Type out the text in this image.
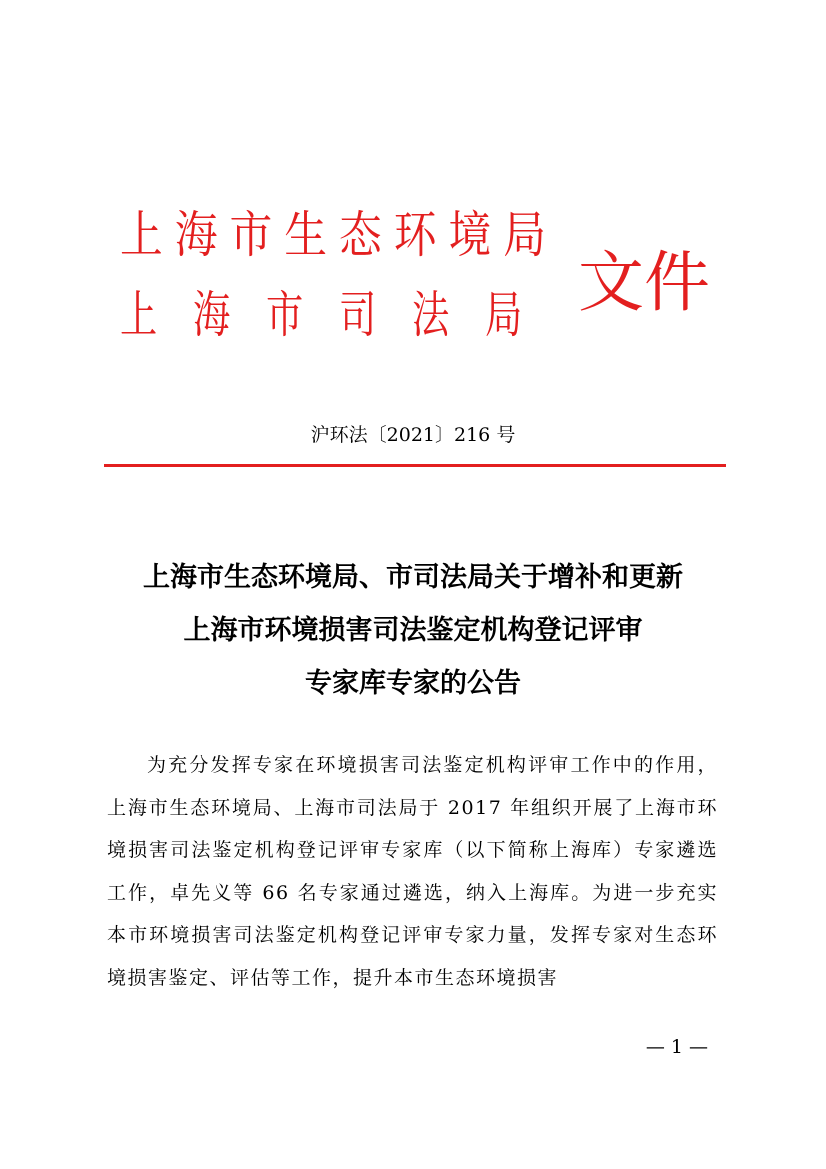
上海市生态环境局
上海市司法局 文件
沪环法〔2021〕216 号
上海市生态环境局、市司法局关于增补和更新
上海市环境损害司法鉴定机构登记评审
专家库专家的公告

为充分发挥专家在环境损害司法鉴定机构评审工作中的作用，上海市生态环境局、上海市司法局于 2017 年组织开展了上海市环境损害司法鉴定机构登记评审专家库（以下简称上海库）专家遴选工作，卓先义等 66 名专家通过遴选，纳入上海库。为进一步充实本市环境损害司法鉴定机构登记评审专家力量，发挥专家对生态环境损害鉴定、评估等工作，提升本市生态环境损害

— 1 —
